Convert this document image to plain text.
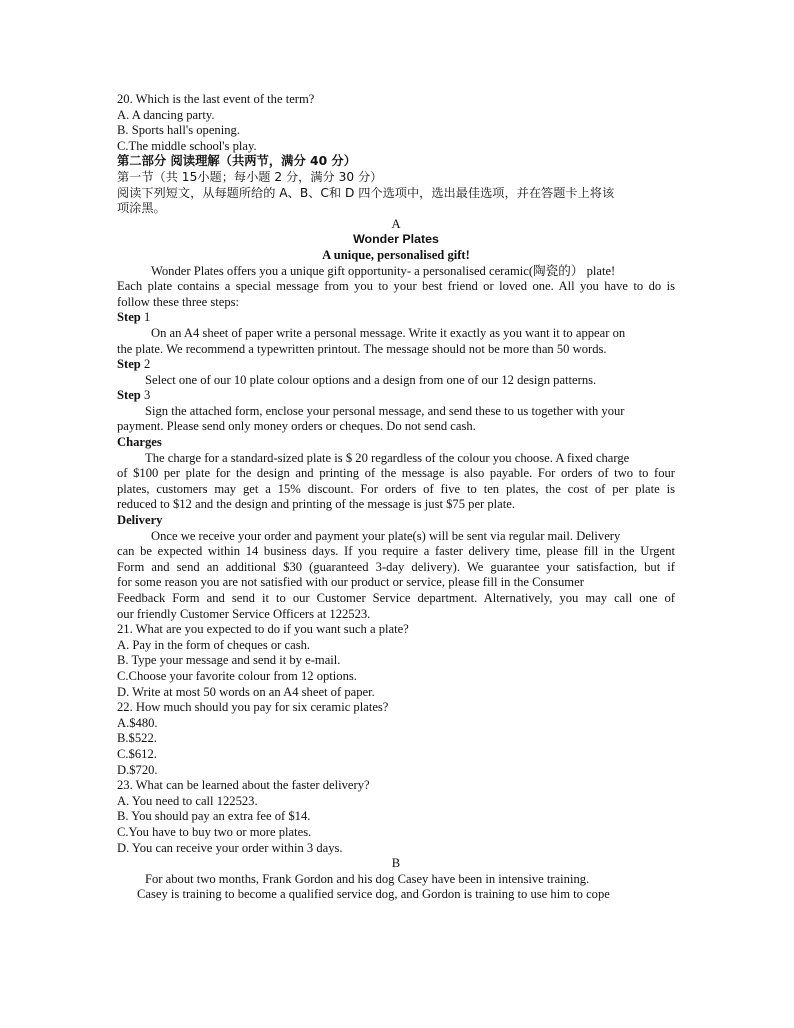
20. Which is the last event of the term?
A. A dancing party.
B. Sports hall's opening.
C.The middle school's play.
第二部分 阅读理解（共两节，满分 40 分）
第一节（共 15小题；每小题 2 分，满分 30 分）
阅读下列短文，从每题所给的 A、B、C和 D 四个选项中，选出最佳选项，并在答题卡上将该
项涂黑。
A
Wonder Plates
A unique, personalised gift!
Wonder Plates offers you a unique gift opportunity- a personalised ceramic(陶瓷的） plate!
Each plate contains a special message from you to your best friend or loved one. All you have to do is
follow these three steps:
Step 1
On an A4 sheet of paper write a personal message. Write it exactly as you want it to appear on
the plate. We recommend a typewritten printout. The message should not be more than 50 words.
Step 2
Select one of our 10 plate colour options and a design from one of our 12 design patterns.
Step 3
Sign the attached form, enclose your personal message, and send these to us together with your
payment. Please send only money orders or cheques. Do not send cash.
Charges
The charge for a standard-sized plate is $ 20 regardless of the colour you choose. A fixed charge
of $100 per plate for the design and printing of the message is also payable. For orders of two to four
plates, customers may get a 15% discount. For orders of five to ten plates, the cost of per plate is
reduced to $12 and the design and printing of the message is just $75 per plate.
Delivery
Once we receive your order and payment your plate(s) will be sent via regular mail. Delivery
can be expected within 14 business days. If you require a faster delivery time, please fill in the Urgent
Form and send an additional $30 (guaranteed 3-day delivery). We guarantee your satisfaction, but if
for some reason you are not satisfied with our product or service, please fill in the Consumer
Feedback Form and send it to our Customer Service department. Alternatively, you may call one of
our friendly Customer Service Officers at 122523.
21. What are you expected to do if you want such a plate?
A. Pay in the form of cheques or cash.
B. Type your message and send it by e-mail.
C.Choose your favorite colour from 12 options.
D. Write at most 50 words on an A4 sheet of paper.
22. How much should you pay for six ceramic plates?
A.$480.
B.$522.
C.$612.
D.$720.
23. What can be learned about the faster delivery?
A. You need to call 122523.
B. You should pay an extra fee of $14.
C.You have to buy two or more plates.
D. You can receive your order within 3 days.
B
For about two months, Frank Gordon and his dog Casey have been in intensive training.
Casey is training to become a qualified service dog, and Gordon is training to use him to cope
